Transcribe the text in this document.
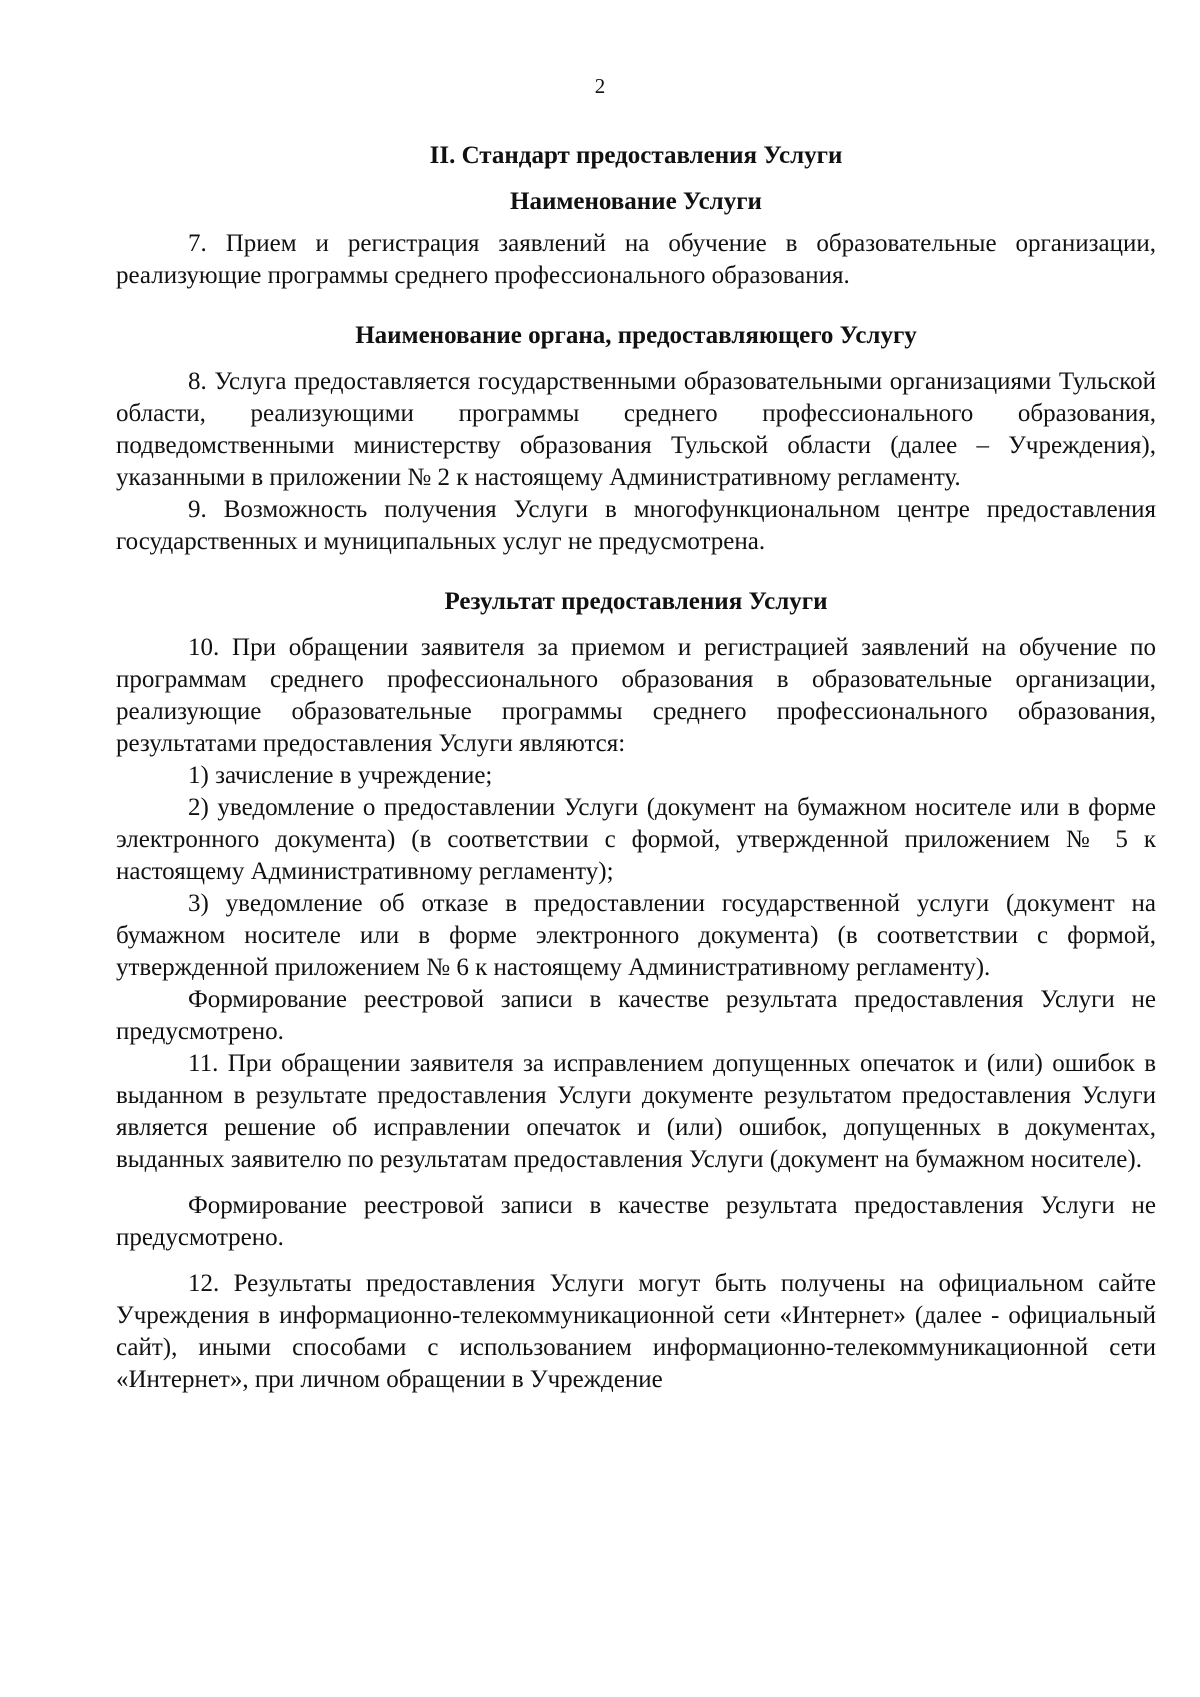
2
II. Стандарт предоставления Услуги
Наименование Услуги

7. Прием и регистрация заявлений на обучение в образовательные организации, реализующие программы среднего профессионального образования.

Наименование органа, предоставляющего Услугу

8. Услуга предоставляется государственными образовательными организациями Тульской области, реализующими программы среднего профессионального образования, подведомственными министерству образования Тульской области (далее – Учреждения), указанными в приложении № 2 к настоящему Административному регламенту.

9. Возможность получения Услуги в многофункциональном центре предоставления государственных и муниципальных услуг не предусмотрена.

Результат предоставления Услуги

10. При обращении заявителя за приемом и регистрацией заявлений на обучение по программам среднего профессионального образования в образовательные организации, реализующие образовательные программы среднего профессионального образования, результатами предоставления Услуги являются:

1) зачисление в учреждение;

2) уведомление о предоставлении Услуги (документ на бумажном носителе или в форме электронного документа) (в соответствии с формой, утвержденной приложением № 5 к настоящему Административному регламенту);

3) уведомление об отказе в предоставлении государственной услуги (документ на бумажном носителе или в форме электронного документа) (в соответствии с формой, утвержденной приложением № 6 к настоящему Административному регламенту).

Формирование реестровой записи в качестве результата предоставления Услуги не предусмотрено.

11. При обращении заявителя за исправлением допущенных опечаток и (или) ошибок в выданном в результате предоставления Услуги документе результатом предоставления Услуги является решение об исправлении опечаток и (или) ошибок, допущенных в документах, выданных заявителю по результатам предоставления Услуги (документ на бумажном носителе).

Формирование реестровой записи в качестве результата предоставления Услуги не предусмотрено.

12. Результаты предоставления Услуги могут быть получены на официальном сайте Учреждения в информационно-телекоммуникационной сети «Интернет» (далее - официальный сайт), иными способами с использованием информационно-телекоммуникационной сети «Интернет», при личном обращении в Учреждение
